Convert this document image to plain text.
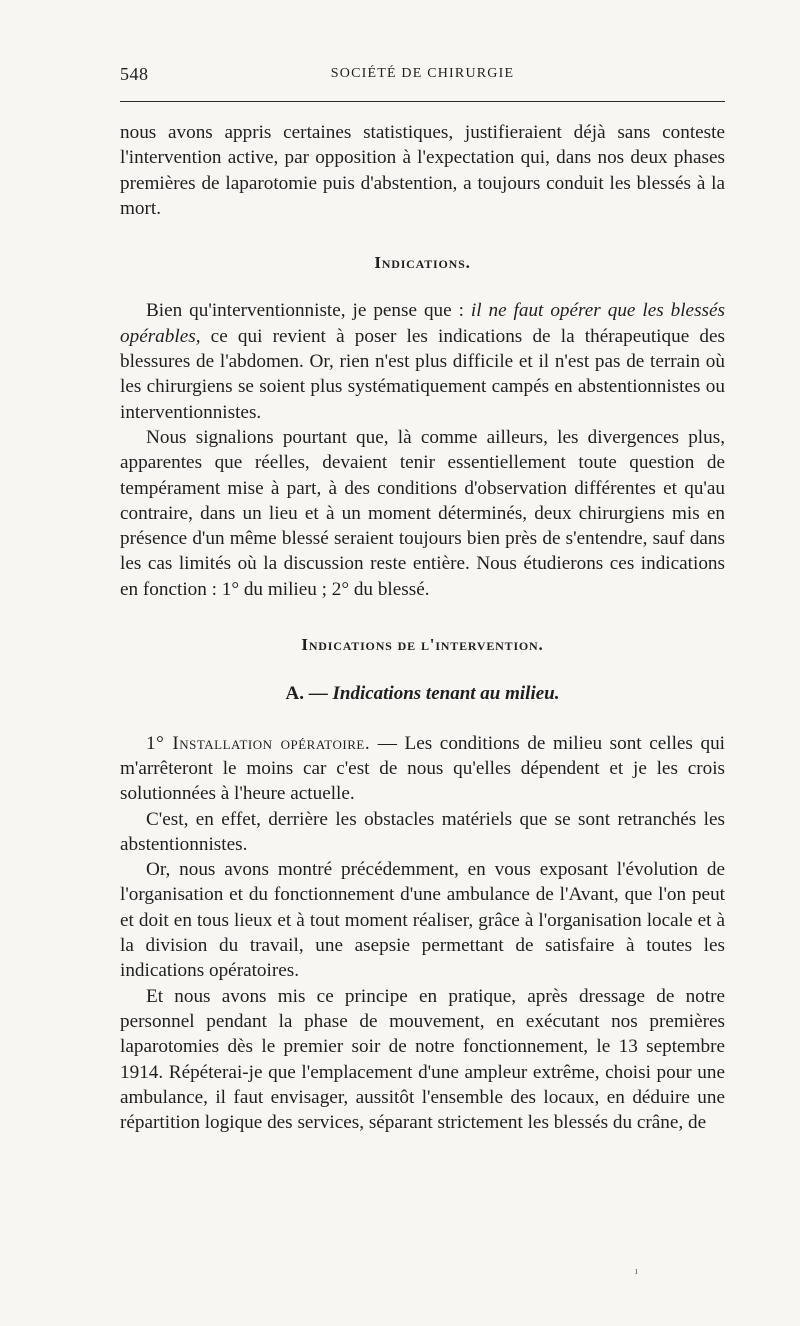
548	SOCIÉTÉ DE CHIRURGIE

nous avons appris certaines statistiques, justifieraient déjà sans conteste l'intervention active, par opposition à l'expectation qui, dans nos deux phases premières de laparotomie puis d'abstention, a toujours conduit les blessés à la mort.

Indications.

Bien qu'interventionniste, je pense que : il ne faut opérer que les blessés opérables, ce qui revient à poser les indications de la thérapeutique des blessures de l'abdomen. Or, rien n'est plus difficile et il n'est pas de terrain où les chirurgiens se soient plus systématiquement campés en abstentionnistes ou interventionnistes.

Nous signalions pourtant que, là comme ailleurs, les divergences plus, apparentes que réelles, devaient tenir essentiellement toute question de tempérament mise à part, à des conditions d'observation différentes et qu'au contraire, dans un lieu et à un moment déterminés, deux chirurgiens mis en présence d'un même blessé seraient toujours bien près de s'entendre, sauf dans les cas limités où la discussion reste entière. Nous étudierons ces indications en fonction : 1° du milieu ; 2° du blessé.

Indications de l'intervention.
A. — Indications tenant au milieu.

1° Installation opératoire. — Les conditions de milieu sont celles qui m'arrêteront le moins car c'est de nous qu'elles dépendent et je les crois solutionnées à l'heure actuelle.

C'est, en effet, derrière les obstacles matériels que se sont retranchés les abstentionnistes.

Or, nous avons montré précédemment, en vous exposant l'évolution de l'organisation et du fonctionnement d'une ambulance de l'Avant, que l'on peut et doit en tous lieux et à tout moment réaliser, grâce à l'organisation locale et à la division du travail, une asepsie permettant de satisfaire à toutes les indications opératoires.

Et nous avons mis ce principe en pratique, après dressage de notre personnel pendant la phase de mouvement, en exécutant nos premières laparotomies dès le premier soir de notre fonctionnement, le 13 septembre 1914. Répéterai-je que l'emplacement d'une ampleur extrême, choisi pour une ambulance, il faut envisager, aussitôt l'ensemble des locaux, en déduire une répartition logique des services, séparant strictement les blessés du crâne, de

ı
